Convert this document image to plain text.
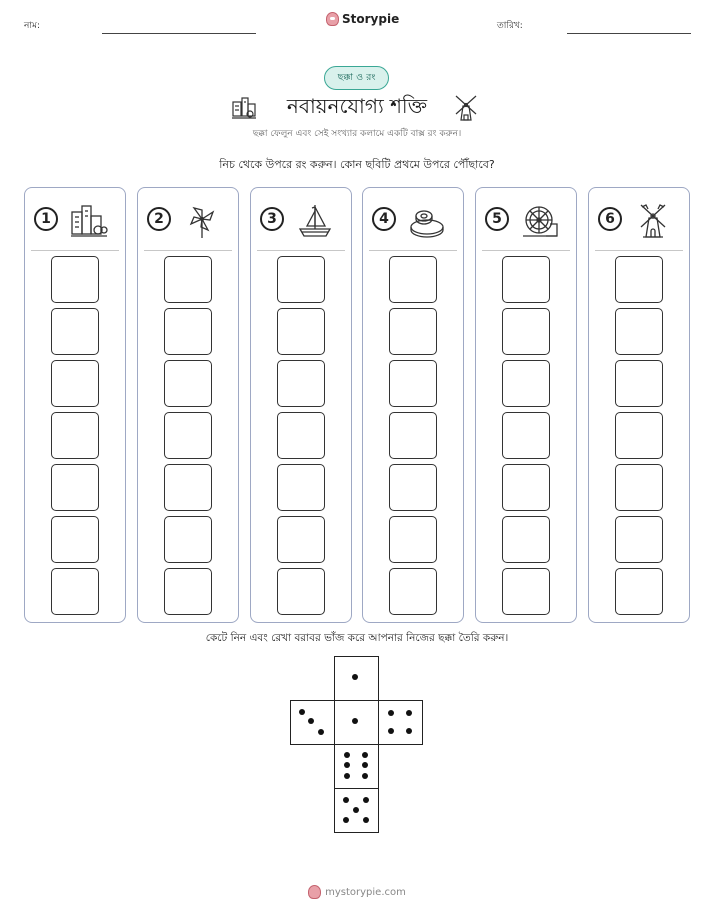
নাম:	Storypie	তারিখ:
ছক্কা ও রং
নবায়নযোগ্য শক্তি
ছক্কা ফেলুন এবং সেই সংখ্যার কলামে একটি বাক্স রং করুন।
নিচ থেকে উপরে রং করুন। কোন ছবিটি প্রথমে উপরে পৌঁছাবে?
1	2	3	4	5	6
কেটে নিন এবং রেখা বরাবর ভাঁজ করে আপনার নিজের ছক্কা তৈরি করুন।
mystorypie.com
